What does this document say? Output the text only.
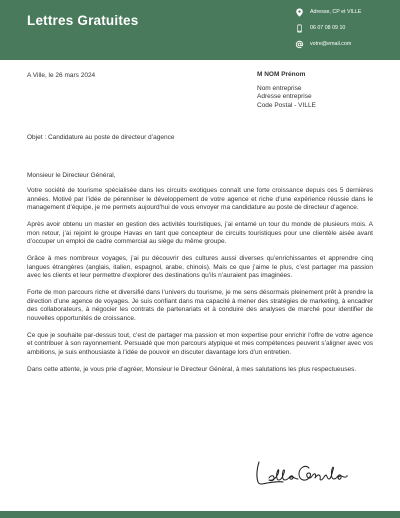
Lettres Gratuites
Adresse, CP et VILLE
06 07 08 09 10
votre@email.com
A Ville, le 26 mars 2024	M NOM Prénom
Nom entreprise
Adresse entreprise
Code Postal - VILLE
Objet : Candidature au poste de directeur d’agence
Monsieur le Directeur Général,

Votre société de tourisme spécialisée dans les circuits exotiques connaît une forte croissance depuis ces 5 dernières années. Motivé par l’idée de pérenniser le développement de votre agence et riche d’une expérience réussie dans le management d’équipe, je me permets aujourd’hui de vous envoyer ma candidature au poste de directeur d’agence.

Après avoir obtenu un master en gestion des activités touristiques, j’ai entamé un tour du monde de plusieurs mois. A mon retour, j’ai rejoint le groupe Havas en tant que concepteur de circuits touristiques pour une clientèle aisée avant d’occuper un emploi de cadre commercial au siège du même groupe.

Grâce à mes nombreux voyages, j’ai pu découvrir des cultures aussi diverses qu’enrichissantes et apprendre cinq langues étrangères (anglais, italien, espagnol, arabe, chinois). Mais ce que j’aime le plus, c’est partager ma passion avec les clients et leur permettre d’explorer des destinations qu’ils n’auraient pas imaginées.

Forte de mon parcours riche et diversifié dans l’univers du tourisme, je me sens désormais pleinement prêt à prendre la direction d’une agence de voyages. Je suis confiant dans ma capacité à mener des stratégies de marketing, à encadrer des collaborateurs, à négocier les contrats de partenariats et à conduire des analyses de marché pour identifier de nouvelles opportunités de croissance.

Ce que je souhaite par-dessus tout, c’est de partager ma passion et mon expertise pour enrichir l’offre de votre agence et contribuer à son rayonnement. Persuadé que mon parcours atypique et mes compétences peuvent s’aligner avec vos ambitions, je suis enthousiaste à l’idée de pouvoir en discuter davantage lors d’un entretien.

Dans cette attente, je vous prie d’agréer, Monsieur le Directeur Général, à mes salutations les plus respectueuses.
